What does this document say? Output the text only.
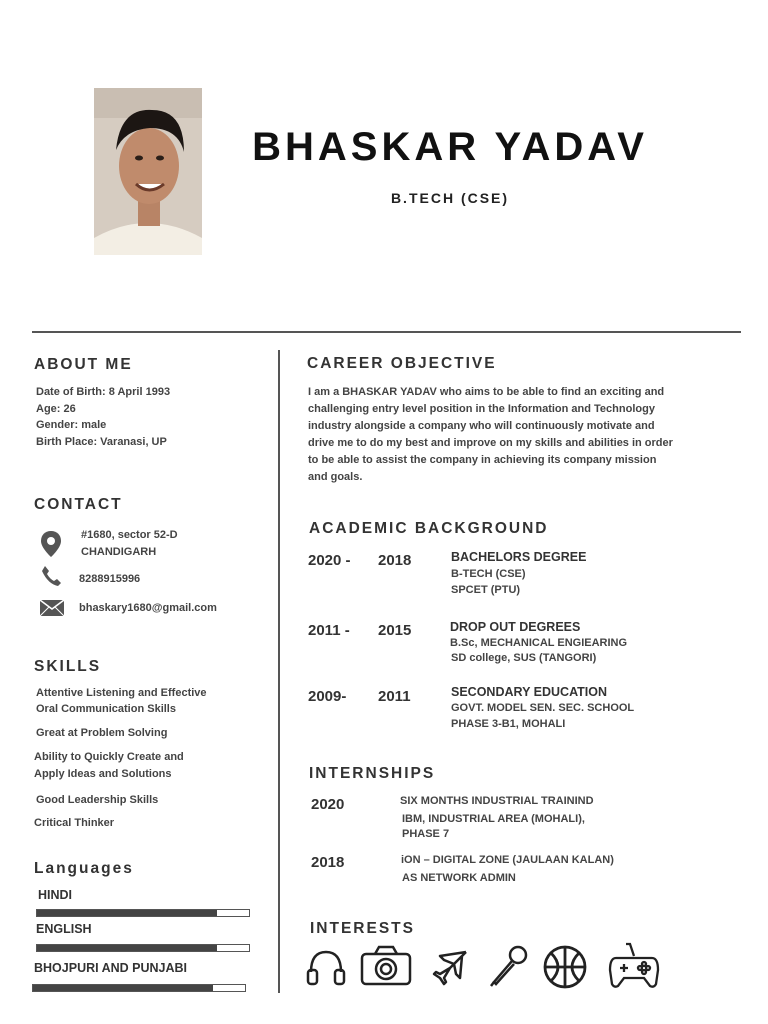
BHASKAR YADAV
B.TECH (CSE)
ABOUT ME
Date of Birth: 8 April 1993
Age: 26
Gender: male
Birth Place: Varanasi, UP
CONTACT
#1680, sector 52-D
CHANDIGARH
8288915996
bhaskary1680@gmail.com
SKILLS
Attentive Listening and Effective
Oral Communication Skills
Great at Problem Solving
Ability to Quickly Create and
Apply Ideas and Solutions
Good Leadership Skills
Critical Thinker
Languages
HINDI
ENGLISH
BHOJPURI AND PUNJABI
CAREER OBJECTIVE
I am a BHASKAR YADAV who aims to be able to find an exciting and
challenging entry level position in the Information and Technology
industry alongside a company who will continuously motivate and
drive me to do my best and improve on my skills and abilities in order
to be able to assist the company in achieving its company mission
and goals.
ACADEMIC BACKGROUND
2020 - 2018	BACHELORS DEGREE
B-TECH (CSE)
SPCET (PTU)
2011 - 2015	DROP OUT DEGREES
B.Sc, MECHANICAL ENGIEARING
SD college, SUS (TANGORI)
2009- 2011	SECONDARY EDUCATION
GOVT. MODEL SEN. SEC. SCHOOL
PHASE 3-B1, MOHALI
INTERNSHIPS
2020	SIX MONTHS INDUSTRIAL TRAININD
IBM, INDUSTRIAL AREA (MOHALI),
PHASE 7
2018	iON – DIGITAL ZONE (JAULAAN KALAN)
AS NETWORK ADMIN
INTERESTS
